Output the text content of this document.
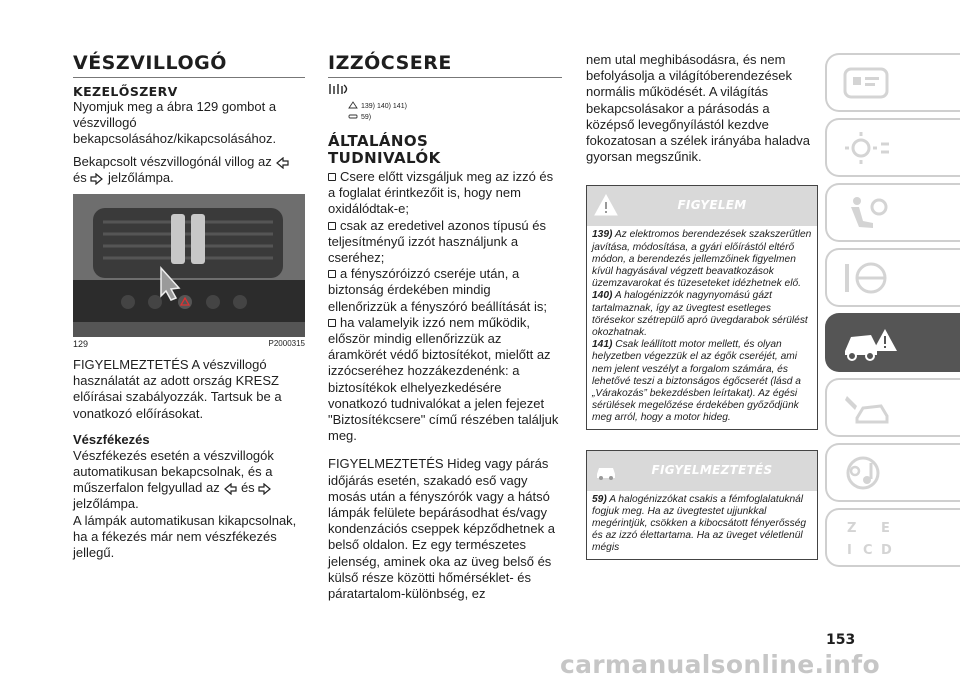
VÉSZVILLOGÓ
KEZELŐSZERV

Nyomjuk meg a ábra 129 gombot a vészvillogó bekapcsolásához/kikapcsolásához.

Bekapcsolt vészvillogónál villog az
és jelzőlámpa.

129	P2000315

FIGYELMEZTETÉS A vészvillogó használatát az adott ország KRESZ előírásai szabályozzák. Tartsuk be a vonatkozó előírásokat.

Vészfékezés

Vészfékezés esetén a vészvillogók automatikusan bekapcsolnak, és a műszerfalon felgyullad az és  jelzőlámpa.

A lámpák automatikusan kikapcsolnak, ha a fékezés már nem vészfékezés jellegű.

IZZÓCSERE
139) 140) 141)
59)
ÁLTALÁNOS
TUDNIVALÓK
Csere előtt vizsgáljuk meg az izzó és a foglalat érintkezőit is, hogy nem oxidálódtak-e;
csak az eredetivel azonos típusú és teljesítményű izzót használjunk a cseréhez;
a fényszóróizzó cseréje után, a biztonság érdekében mindig ellenőrizzük a fényszóró beállítását is;
ha valamelyik izzó nem működik, először mindig ellenőrizzük az áramkörét védő biztosítékot, mielőtt az izzócseréhez hozzákezdenénk: a biztosítékok elhelyezkedésére vonatkozó tudnivalókat a jelen fejezet "Biztosítékcsere" című részében találjuk meg.

FIGYELMEZTETÉS Hideg vagy párás időjárás esetén, szakadó eső vagy mosás után a fényszórók vagy a hátsó lámpák felülete bepárásodhat és/vagy kondenzációs cseppek képződhetnek a belső oldalon. Ez egy természetes jelenség, aminek oka az üveg belső és külső része közötti hőmérséklet- és páratartalom-különbség, ez

nem utal meghibásodásra, és nem befolyásolja a világítóberendezések normális működését. A világítás bekapcsolásakor a párásodás a középső levegőnyílástól kezdve fokozatosan a szélek irányába haladva gyorsan megszűnik.

FIGYELEM
139) Az elektromos berendezések szakszerűtlen javítása, módosítása, a gyári előírástól eltérő módon, a berendezés jellemzőinek figyelmen kívül hagyásával végzett beavatkozások üzemzavarokat és tüzeseteket idézhetnek elő.
140) A halogénizzók nagynyomású gázt tartalmaznak, így az üvegtest esetleges törésekor szétrepülő apró üvegdarabok sérülést okozhatnak.
141) Csak leállított motor mellett, és olyan helyzetben végezzük el az égők cseréjét, ami nem jelent veszélyt a forgalom számára, és lehetővé teszi a biztonságos égőcserét (lásd a „Várakozás” bekezdésben leírtakat). Az égési sérülések megelőzése érdekében győződjünk meg arról, hogy a motor hideg.
FIGYELMEZTETÉS
59) A halogénizzókat csakis a fémfoglalatuknál fogjuk meg. Ha az üvegtestet ujjunkkal megérintjük, csökken a kibocsátott fényerősség és az izzó élettartama. Ha az üveget véletlenül mégis
Z E
I C D
153
carmanualsonline.info
